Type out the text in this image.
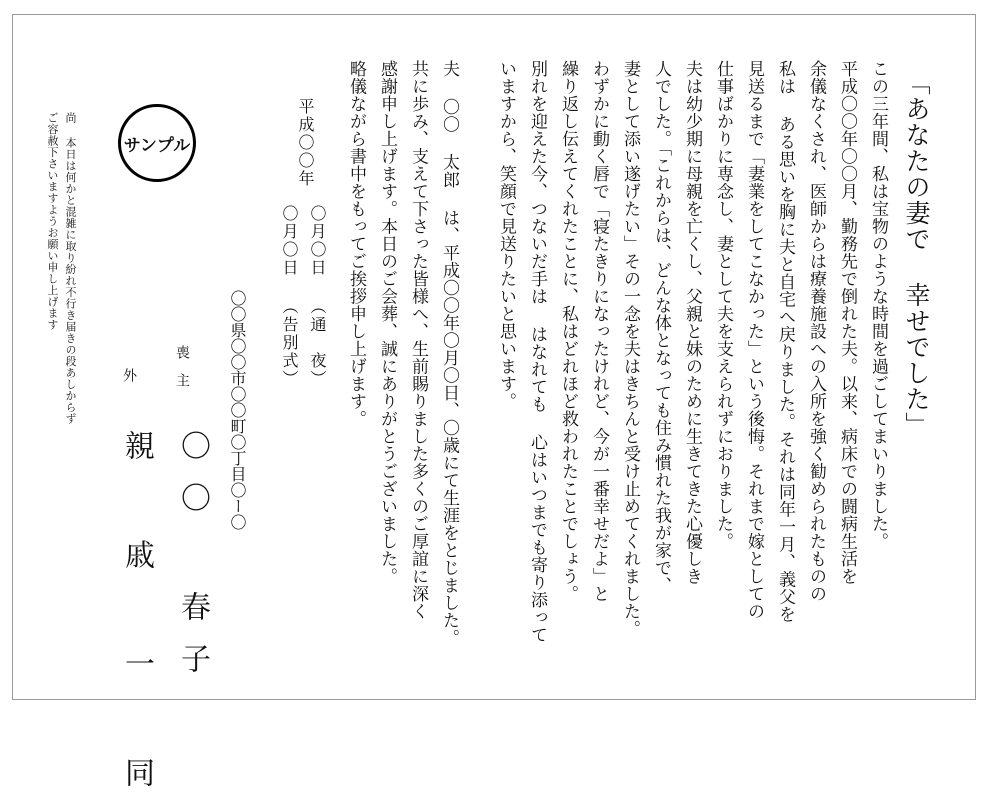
「あなたの妻で 幸せでした」
この三年間、私は宝物のような時間を過ごしてまいりました。
平成〇〇年〇〇月、勤務先で倒れた夫。以来、病床での闘病生活を
余儀なくされ、医師からは療養施設への入所を強く勧められたものの
私は ある思いを胸に夫と自宅へ戻りました。それは同年一月、義父を
見送るまで「妻業をしてこなかった」という後悔。それまで嫁としての
仕事ばかりに専念し、妻として夫を支えられずにおりました。
夫は幼少期に母親を亡くし、父親と妹のために生きてきた心優しき
人でした。「これからは、どんな体となっても住み慣れた我が家で、
妻として添い遂げたい」その一念を夫はきちんと受け止めてくれました。
わずかに動く唇で「寝たきりになったけれど、今が一番幸せだよ」と
繰り返し伝えてくれたことに、私はどれほど救われたことでしょう。
別れを迎えた今、つないだ手は はなれても 心はいつまでも寄り添って
いますから、笑顔で見送りたいと思います。
夫 〇〇 太郎 は、平成〇〇年〇月〇日、〇歳にて生涯をとじました。
共に歩み、支えて下さった皆様へ、生前賜りました多くのご厚誼に深く
感謝申し上げます。本日のご会葬、誠にありがとうございました。
略儀ながら書中をもってご挨拶申し上げます。
平成〇〇年
〇月〇日 （通　夜）
〇月〇日 （告別式）
〇〇県〇〇市〇〇町〇丁目〇ー〇
喪　主
〇〇 春子
外
親 戚 一 同
尚 本日は何かと混雑に取り紛れ不行き届きの段あしからず
ご容赦下さいますようお願い申し上げます	サンプル
